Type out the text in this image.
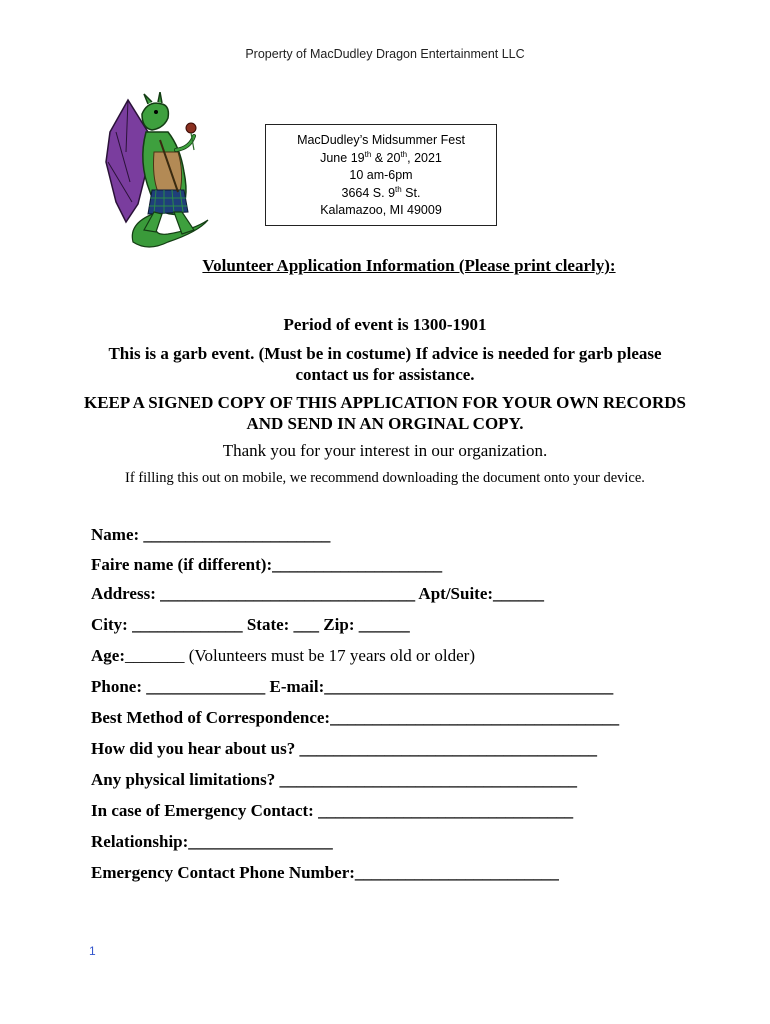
Property of MacDudley Dragon Entertainment LLC
MacDudley’s Midsummer Fest
June 19th & 20th, 2021
10 am-6pm
3664 S. 9th St.
Kalamazoo, MI 49009
Volunteer Application Information (Please print clearly):
Period of event is 1300-1901
This is a garb event. (Must be in costume) If advice is needed for garb please contact us for assistance.
KEEP A SIGNED COPY OF THIS APPLICATION FOR YOUR OWN RECORDS AND SEND IN AN ORGINAL COPY.
Thank you for your interest in our organization.
If filling this out on mobile, we recommend downloading the document onto your device.
Name: ______________________
Faire name (if different):____________________
Address: ______________________________ Apt/Suite:______
City: _____________ State: ___ Zip: ______
Age:_______ (Volunteers must be 17 years old or older)
Phone: ______________ E-mail:__________________________________
Best Method of Correspondence:__________________________________
How did you hear about us? ___________________________________
Any physical limitations? ___________________________________
In case of Emergency Contact: ______________________________
Relationship:_________________
Emergency Contact Phone Number:________________________
1
